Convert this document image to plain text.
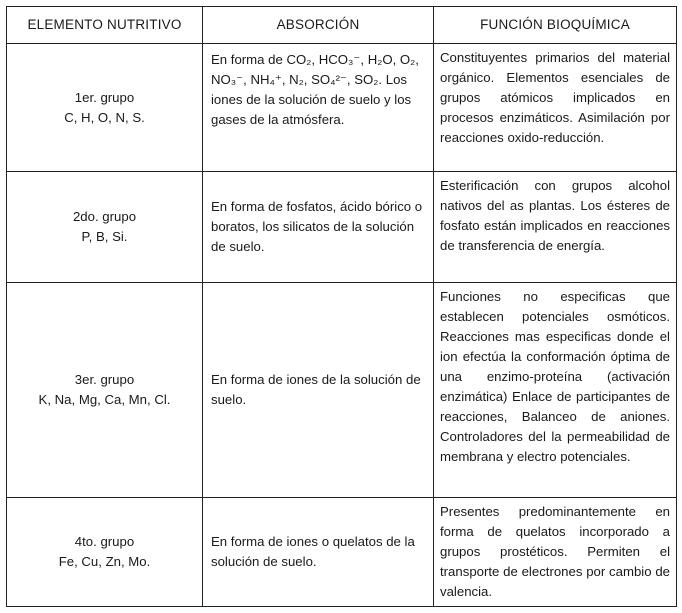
ELEMENTO NUTRITIVO	ABSORCIÓN	FUNCIÓN BIOQUÍMICA

1er. grupo
C, H, O, N, S.	En forma de CO₂, HCO₃⁻, H₂O, O₂, NO₃⁻, NH₄⁺, N₂, SO₄²⁻, SO₂. Los iones de la solución de suelo y los gases de la atmósfera.	Constituyentes primarios del material orgánico. Elementos esenciales de grupos atómicos implicados en procesos enzimáticos. Asimilación por reacciones oxido-reducción.

2do. grupo
P, B, Si.	En forma de fosfatos, ácido bórico o boratos, los silicatos de la solución de suelo.	Esterificación con grupos alcohol nativos del as plantas. Los ésteres de fosfato están implicados en reacciones de transferencia de energía.

3er. grupo
K, Na, Mg, Ca, Mn, Cl.	En forma de iones de la solución de suelo.	Funciones no especificas que establecen potenciales osmóticos. Reacciones mas especificas donde el ion efectúa la conformación óptima de una enzimo-proteína (activación enzimática) Enlace de participantes de reacciones, Balanceo de aniones. Controladores del la permeabilidad de membrana y electro potenciales.

4to. grupo
Fe, Cu, Zn, Mo.	En forma de iones o quelatos de la solución de suelo.	Presentes predominantemente en forma de quelatos incorporado a grupos prostéticos. Permiten el transporte de electrones por cambio de valencia.
